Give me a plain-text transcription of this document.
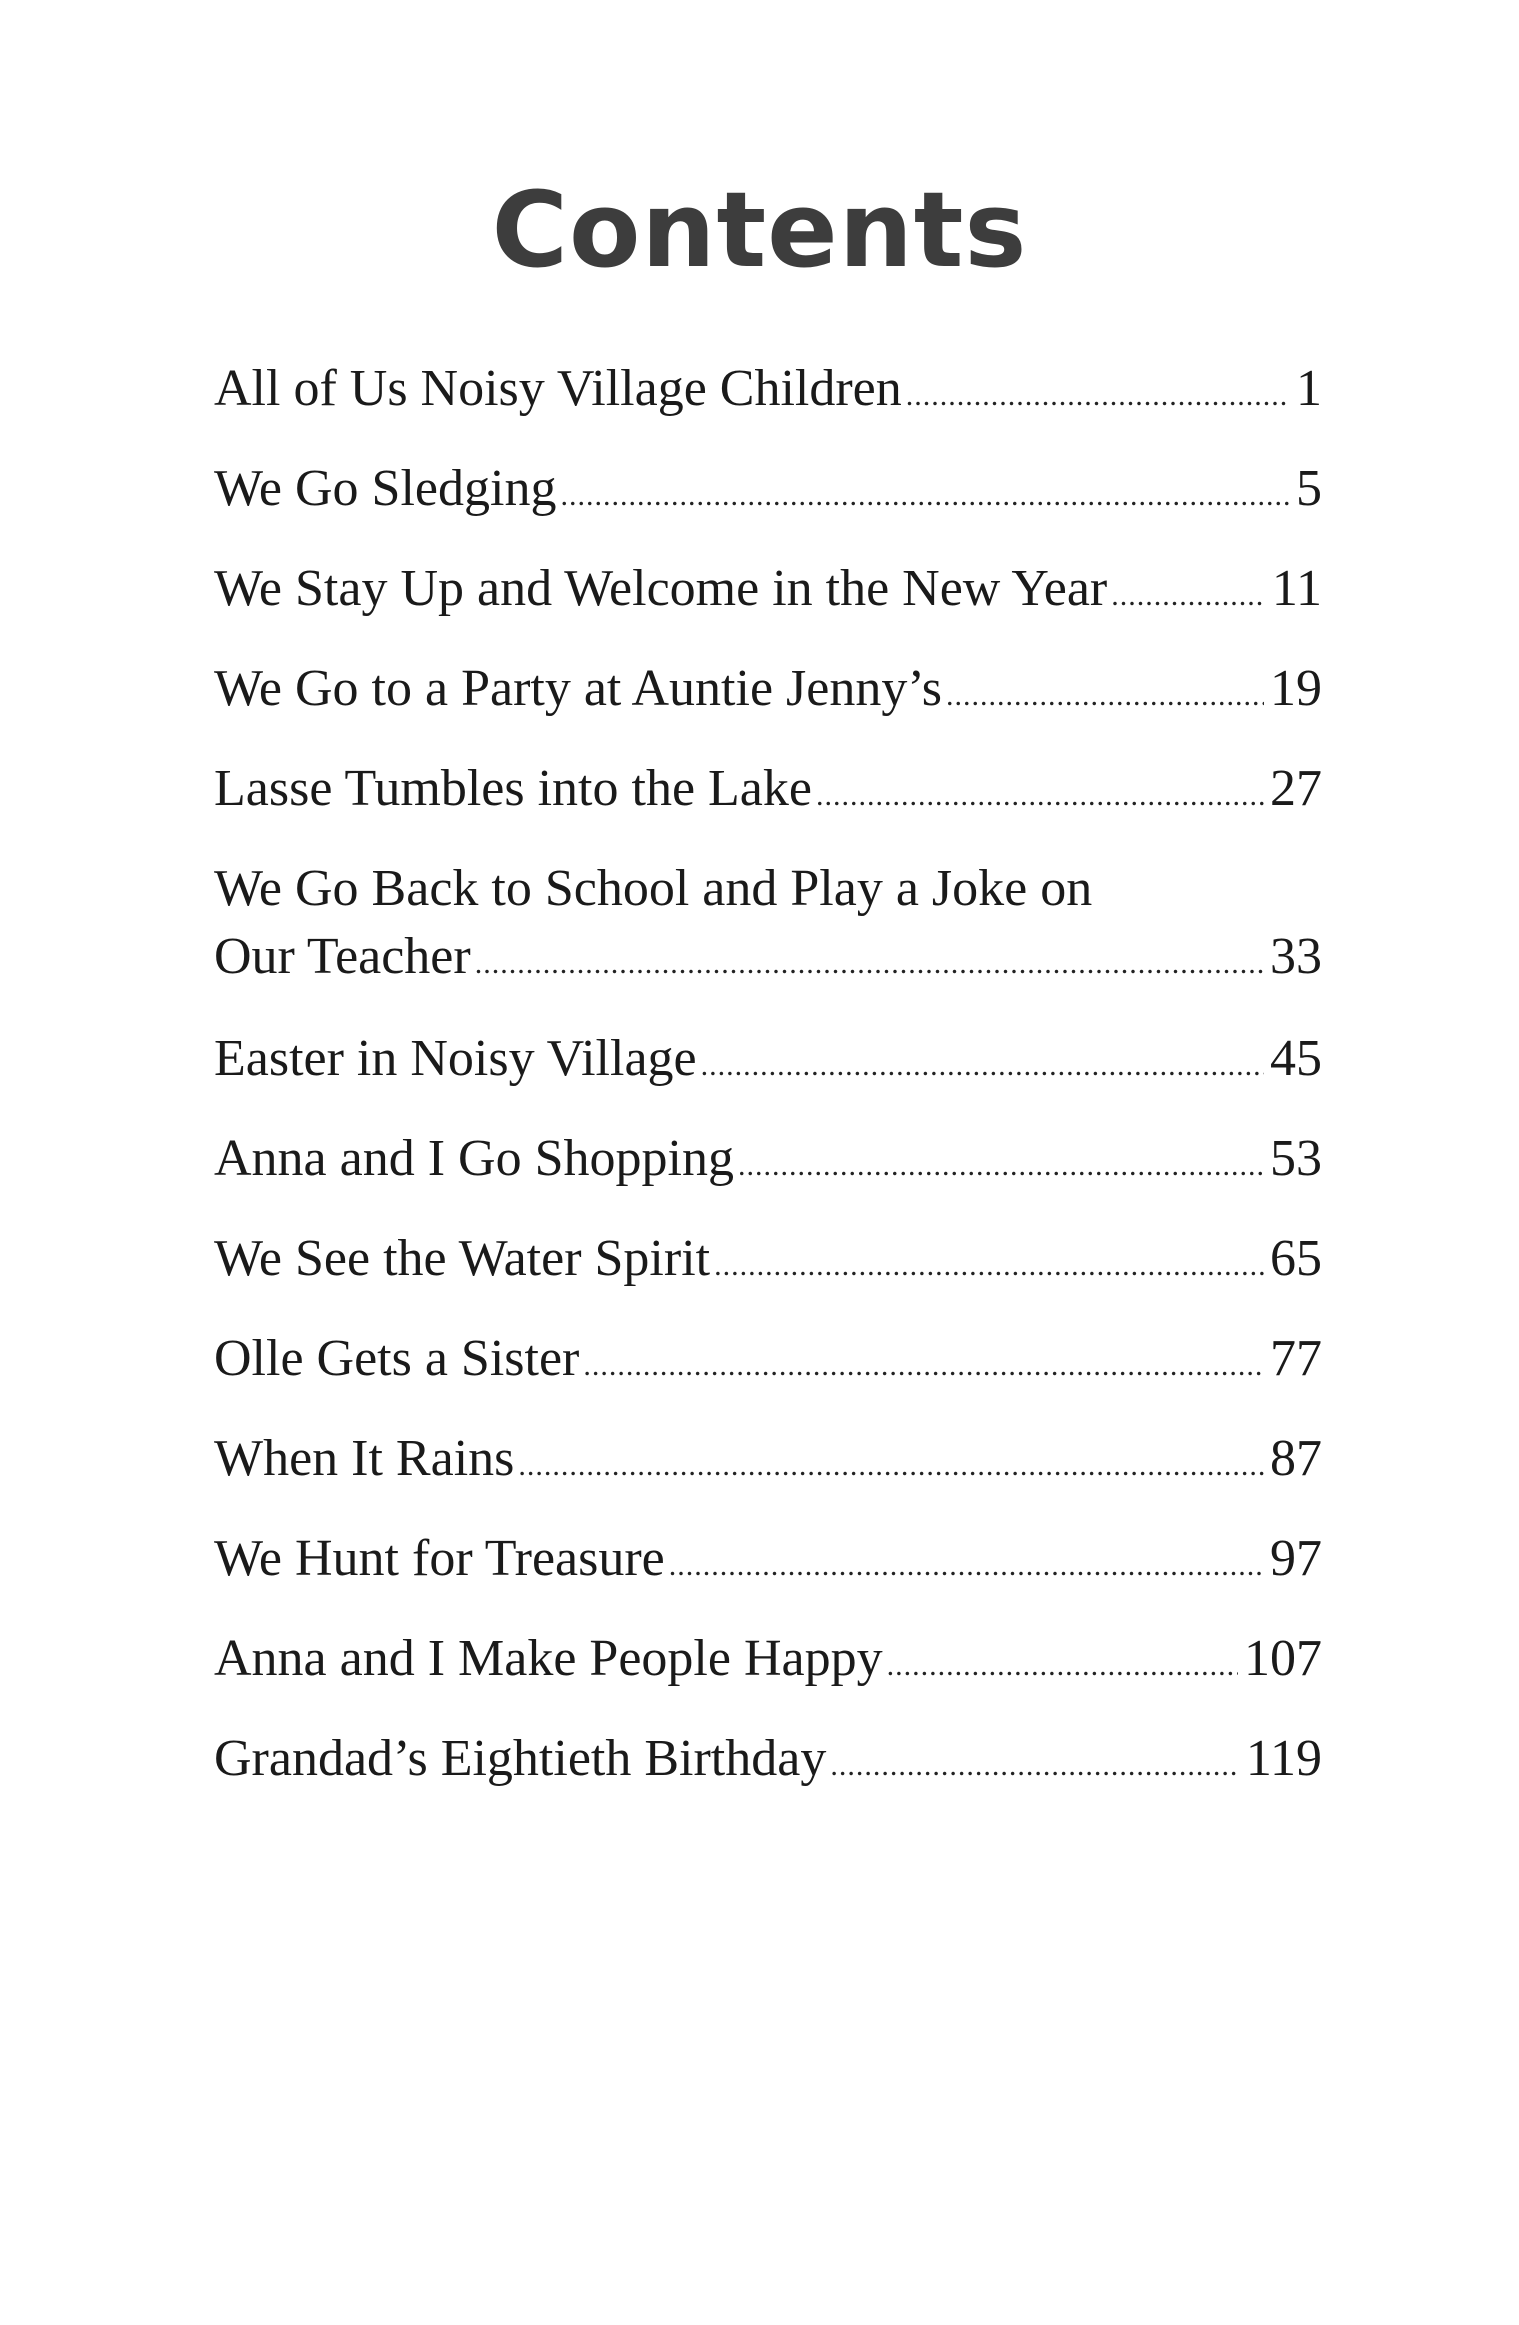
Contents
All of Us Noisy Village Children .....	1
We Go Sledging .....	5
We Stay Up and Welcome in the New Year .....	11
We Go to a Party at Auntie Jenny’s .....	19
Lasse Tumbles into the Lake .....	27
We Go Back to School and Play a Joke on
Our Teacher .....	33
Easter in Noisy Village .....	45
Anna and I Go Shopping .....	53
We See the Water Spirit .....	65
Olle Gets a Sister .....	77
When It Rains .....	87
We Hunt for Treasure .....	97
Anna and I Make People Happy .....	107
Grandad’s Eightieth Birthday .....	119
